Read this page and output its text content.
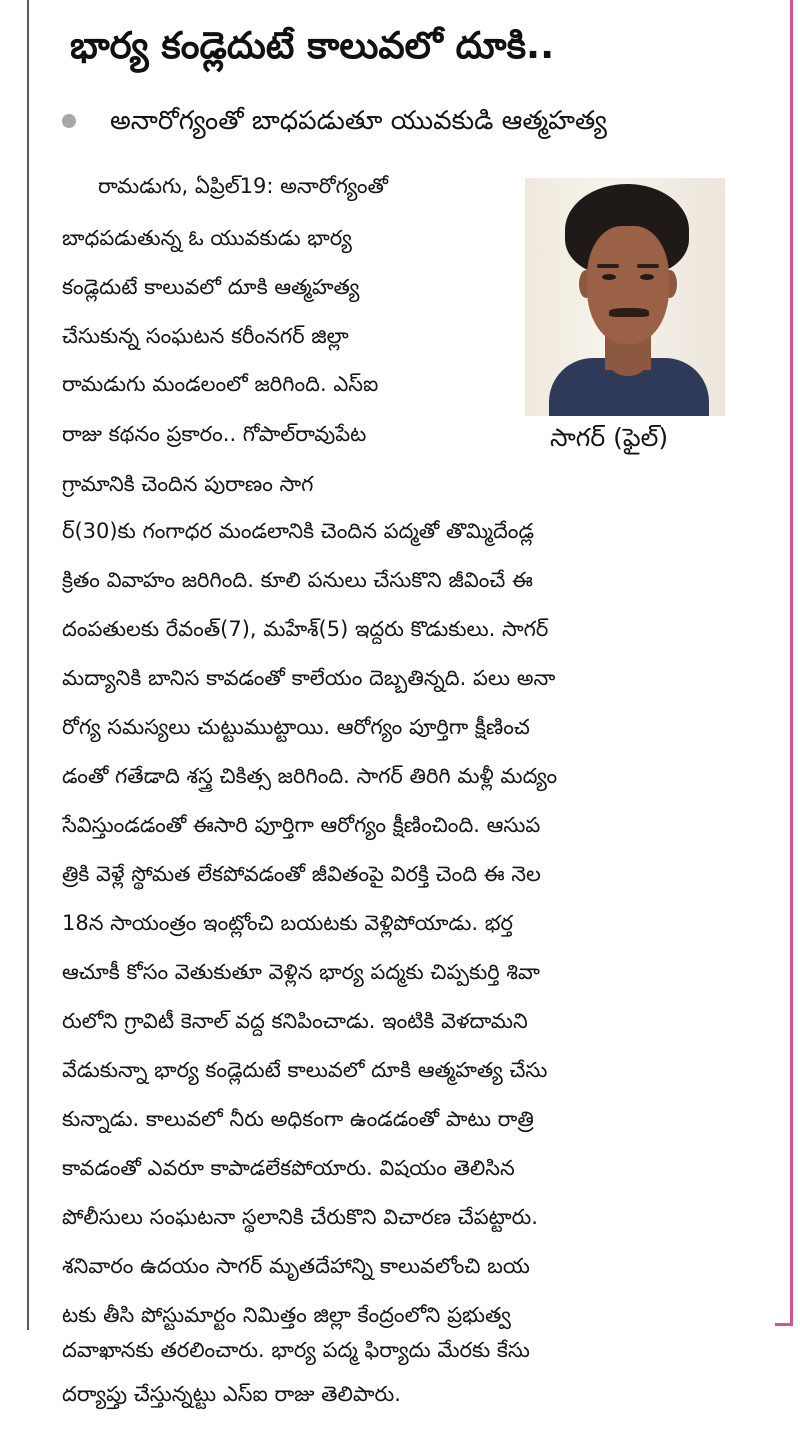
భార్య కండ్లెదుటే కాలువలో దూకి..
అనారోగ్యంతో బాధపడుతూ యువకుడి ఆత్మహత్య
సాగర్ (ఫైల్)
రామడుగు, ఏప్రిల్19: అనారోగ్యంతో
బాధపడుతున్న ఓ యువకుడు భార్య
కండ్లెదుటే కాలువలో దూకి ఆత్మహత్య
చేసుకున్న సంఘటన కరీంనగర్ జిల్లా
రామడుగు మండలంలో జరిగింది. ఎస్ఐ
రాజు కథనం ప్రకారం.. గోపాల్‌రావుపేట
గ్రామానికి చెందిన పురాణం సాగ
ర్(30)కు గంగాధర మండలానికి చెందిన పద్మతో తొమ్మిదేండ్ల
క్రితం వివాహం జరిగింది. కూలి పనులు చేసుకొని జీవించే ఈ
దంపతులకు రేవంత్(7), మహేశ్(5) ఇద్దరు కొడుకులు. సాగర్
మద్యానికి బానిస కావడంతో కాలేయం దెబ్బతిన్నది. పలు అనా
రోగ్య సమస్యలు చుట్టుముట్టాయి. ఆరోగ్యం పూర్తిగా క్షీణించ
డంతో గతేడాది శస్త్ర చికిత్స జరిగింది. సాగర్ తిరిగి మళ్లీ మద్యం
సేవిస్తుండడంతో ఈసారి పూర్తిగా ఆరోగ్యం క్షీణించింది. ఆసుప
త్రికి వెళ్లే స్థోమత లేకపోవడంతో జీవితంపై విరక్తి చెంది ఈ నెల
18న సాయంత్రం ఇంట్లోంచి బయటకు వెళ్లిపోయాడు. భర్త
ఆచూకీ కోసం వెతుకుతూ వెళ్లిన భార్య పద్మకు చిప్పకుర్తి శివా
రులోని గ్రావిటీ కెనాల్ వద్ద కనిపించాడు. ఇంటికి వెళదామని
వేడుకున్నా భార్య కండ్లెదుటే కాలువలో దూకి ఆత్మహత్య చేసు
కున్నాడు. కాలువలో నీరు అధికంగా ఉండడంతో పాటు రాత్రి
కావడంతో ఎవరూ కాపాడలేకపోయారు. విషయం తెలిసిన
పోలీసులు సంఘటనా స్థలానికి చేరుకొని విచారణ చేపట్టారు.
శనివారం ఉదయం సాగర్ మృతదేహాన్ని కాలువలోంచి బయ
టకు తీసి పోస్టుమార్టం నిమిత్తం జిల్లా కేంద్రంలోని ప్రభుత్వ
దవాఖానకు తరలించారు. భార్య పద్మ ఫిర్యాదు మేరకు కేసు
దర్యాప్తు చేస్తున్నట్టు ఎస్ఐ రాజు తెలిపారు.
